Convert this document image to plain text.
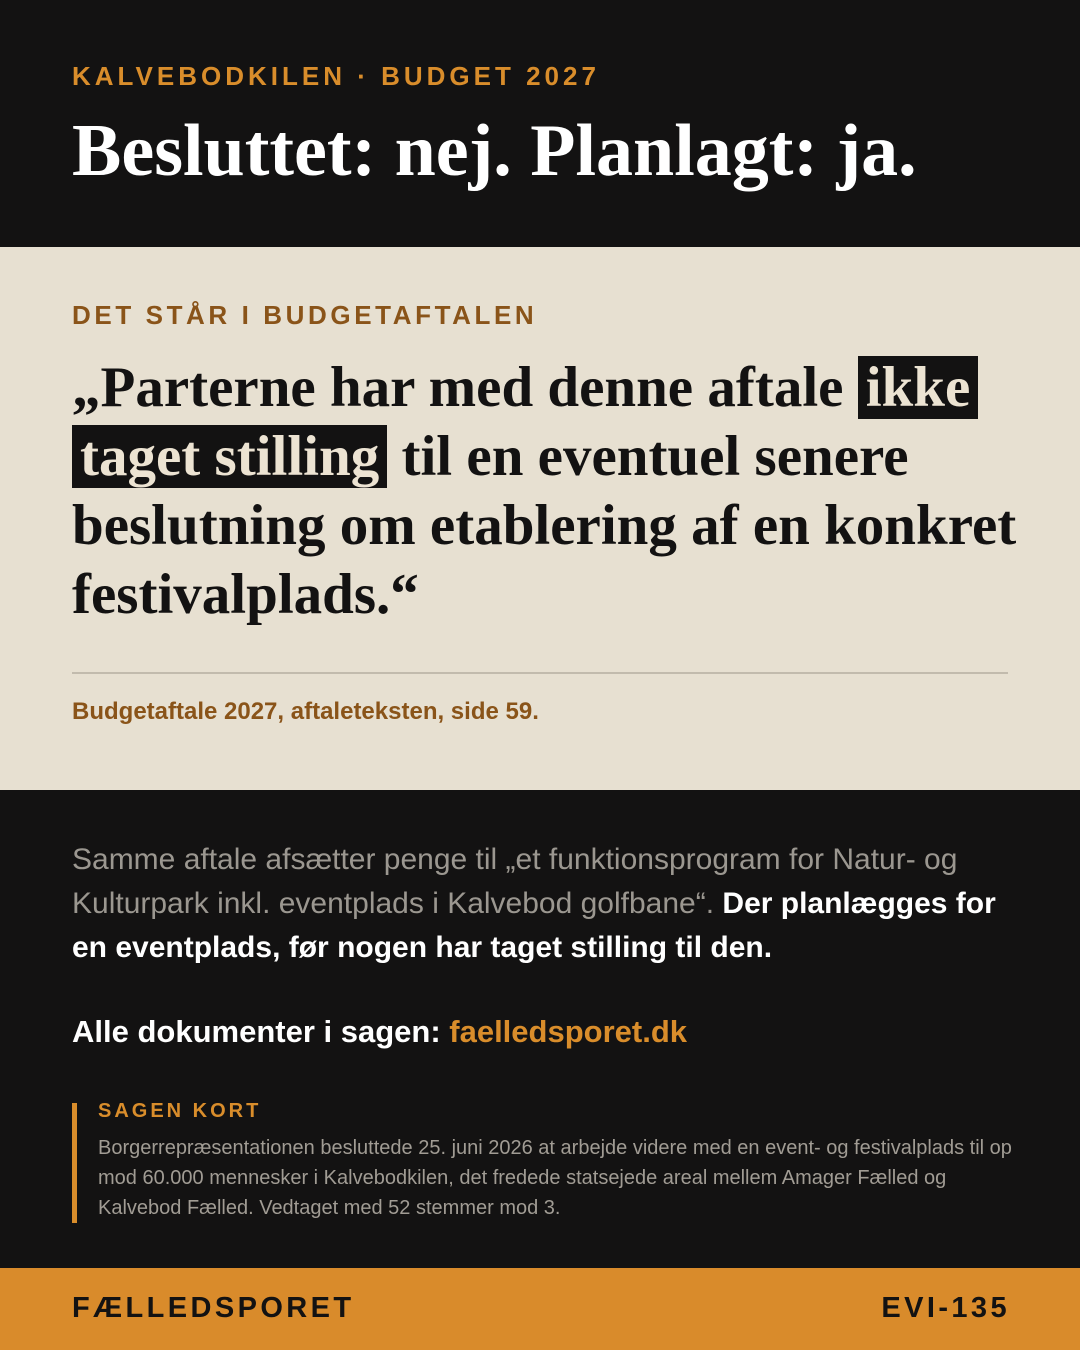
KALVEBODKILEN · BUDGET 2027
Besluttet: nej. Planlagt: ja.
DET STÅR I BUDGETAFTALEN

„Parterne har med denne aftale ikke taget stilling til en eventuel senere beslutning om etablering af en konkret festivalplads.“

Budgetaftale 2027, aftaleteksten, side 59.

Samme aftale afsætter penge til „et funktionsprogram for Natur- og Kulturpark inkl. eventplads i Kalvebod golfbane“. Der planlægges for en eventplads, før nogen har taget stilling til den.

Alle dokumenter i sagen: faelledsporet.dk
SAGEN KORT
Borgerrepræsentationen besluttede 25. juni 2026 at arbejde videre med en event- og festivalplads til op mod 60.000 mennesker i Kalvebodkilen, det fredede statsejede areal mellem Amager Fælled og Kalvebod Fælled. Vedtaget med 52 stemmer mod 3.
FÆLLEDSPORET	EVI-135
